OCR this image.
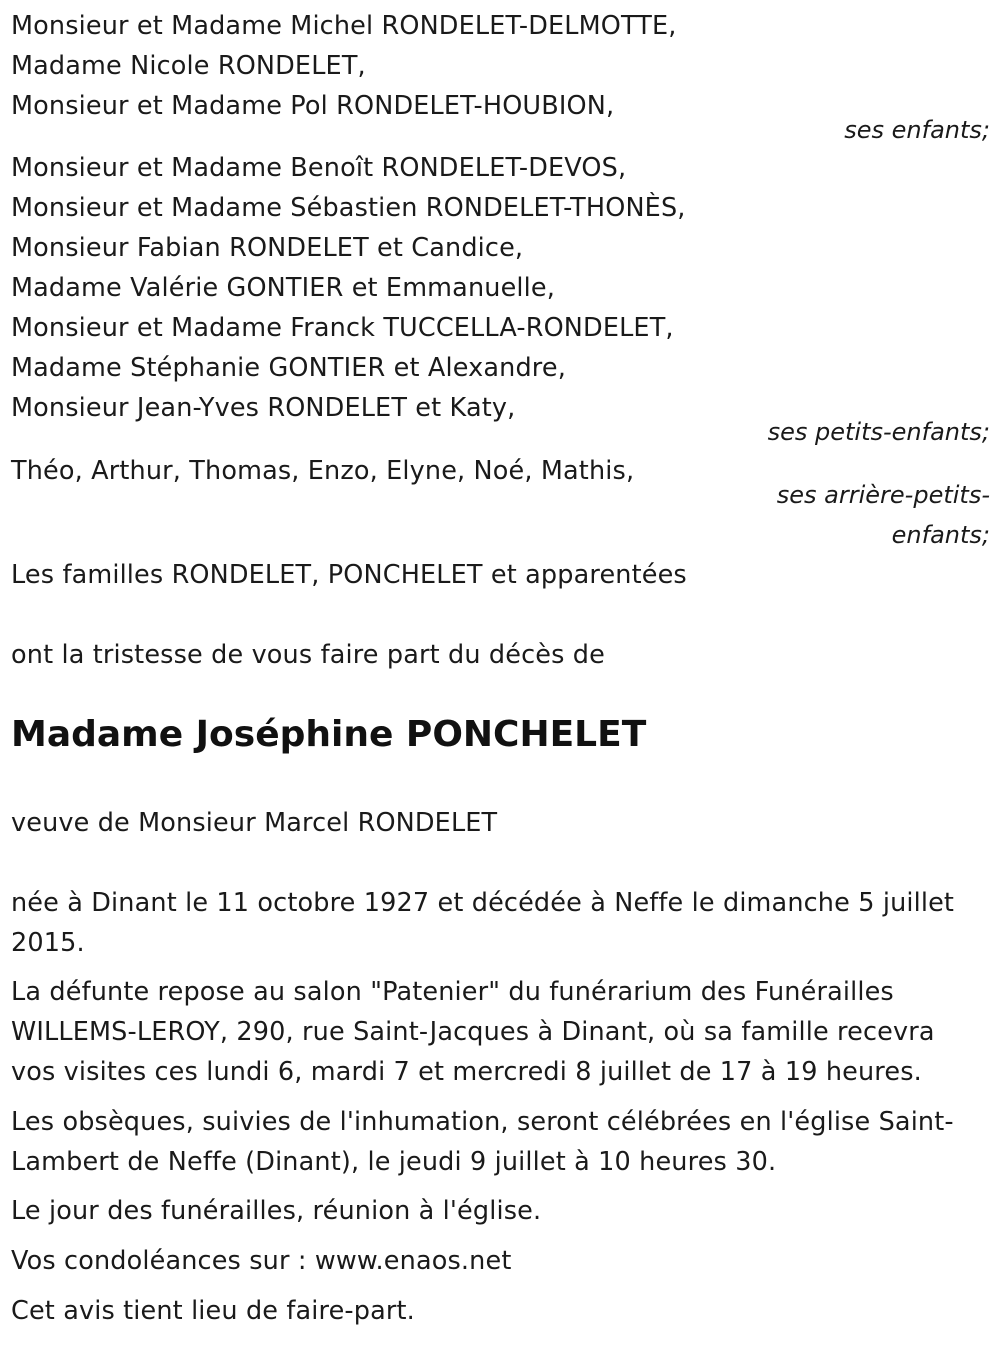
Monsieur et Madame Michel RONDELET-DELMOTTE,
Madame Nicole RONDELET,
Monsieur et Madame Pol RONDELET-HOUBION,
ses enfants;
Monsieur et Madame Benoît RONDELET-DEVOS,
Monsieur et Madame Sébastien RONDELET-THONÈS,
Monsieur Fabian RONDELET et Candice,
Madame Valérie GONTIER et Emmanuelle,
Monsieur et Madame Franck TUCCELLA-RONDELET,
Madame Stéphanie GONTIER et Alexandre,
Monsieur Jean-Yves RONDELET et Katy,
ses petits-enfants;
Théo, Arthur, Thomas, Enzo, Elyne, Noé, Mathis,
ses arrière-petits-
enfants;
Les familles RONDELET, PONCHELET et apparentées
ont la tristesse de vous faire part du décès de
Madame Joséphine PONCHELET
veuve de Monsieur Marcel RONDELET
née à Dinant le 11 octobre 1927 et décédée à Neffe le dimanche 5 juillet
2015.
La défunte repose au salon "Patenier" du funérarium des Funérailles
WILLEMS-LEROY, 290, rue Saint-Jacques à Dinant, où sa famille recevra
vos visites ces lundi 6, mardi 7 et mercredi 8 juillet de 17 à 19 heures.
Les obsèques, suivies de l'inhumation, seront célébrées en l'église Saint-
Lambert de Neffe (Dinant), le jeudi 9 juillet à 10 heures 30.
Le jour des funérailles, réunion à l'église.
Vos condoléances sur : www.enaos.net
Cet avis tient lieu de faire-part.
